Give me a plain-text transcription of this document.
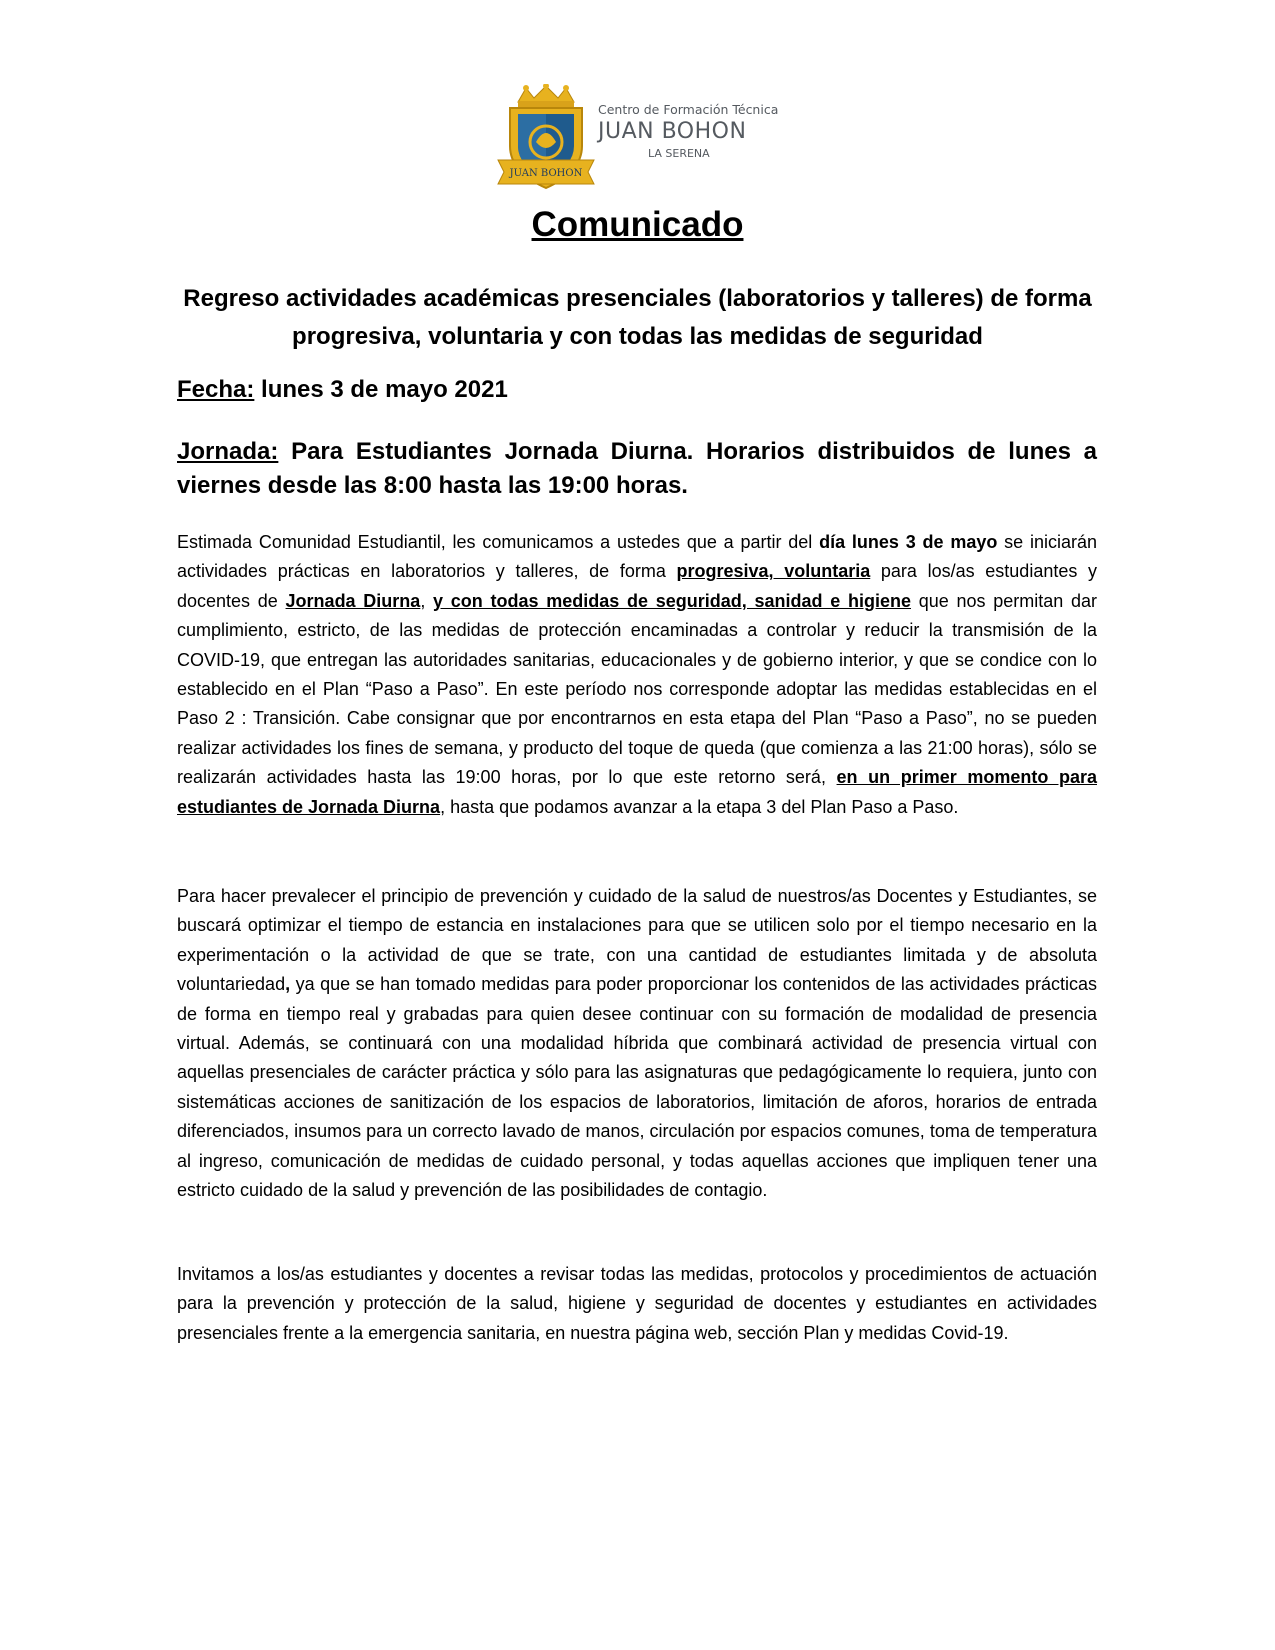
JUAN BOHON
Centro de Formación Técnica
JUAN BOHON
LA SERENA
Comunicado
Regreso actividades académicas presenciales (laboratorios y talleres) de forma progresiva, voluntaria y con todas las medidas de seguridad
Fecha: lunes 3 de mayo 2021
Jornada: Para Estudiantes Jornada Diurna. Horarios distribuidos de lunes a viernes desde las 8:00 hasta las 19:00 horas.
Estimada Comunidad Estudiantil, les comunicamos a ustedes que a partir del día lunes 3 de mayo se iniciarán actividades prácticas en laboratorios y talleres, de forma progresiva, voluntaria para los/as estudiantes y docentes de Jornada Diurna, y con todas medidas de seguridad, sanidad e higiene que nos permitan dar cumplimiento, estricto, de las medidas de protección encaminadas a controlar y reducir la transmisión de la COVID-19, que entregan las autoridades sanitarias, educacionales y de gobierno interior, y que se condice con lo establecido en el Plan “Paso a Paso”. En este período nos corresponde adoptar las medidas establecidas en el Paso 2 : Transición. Cabe consignar que por encontrarnos en esta etapa del Plan “Paso a Paso”, no se pueden realizar actividades los fines de semana, y producto del toque de queda (que comienza a las 21:00 horas), sólo se realizarán actividades hasta las 19:00 horas, por lo que este retorno será, en un primer momento para estudiantes de Jornada Diurna, hasta que podamos avanzar a la etapa 3 del Plan Paso a Paso.
Para hacer prevalecer el principio de prevención y cuidado de la salud de nuestros/as Docentes y Estudiantes, se buscará optimizar el tiempo de estancia en instalaciones para que se utilicen solo por el tiempo necesario en la experimentación o la actividad de que se trate, con una cantidad de estudiantes limitada y de absoluta voluntariedad, ya que se han tomado medidas para poder proporcionar los contenidos de las actividades prácticas de forma en tiempo real y grabadas para quien desee continuar con su formación de modalidad de presencia virtual. Además, se continuará con una modalidad híbrida que combinará actividad de presencia virtual con aquellas presenciales de carácter práctica y sólo para las asignaturas que pedagógicamente lo requiera, junto con sistemáticas acciones de sanitización de los espacios de laboratorios, limitación de aforos, horarios de entrada diferenciados, insumos para un correcto lavado de manos, circulación por espacios comunes, toma de temperatura al ingreso, comunicación de medidas de cuidado personal, y todas aquellas acciones que impliquen tener una estricto cuidado de la salud y prevención de las posibilidades de contagio.
Invitamos a los/as estudiantes y docentes a revisar todas las medidas, protocolos y procedimientos de actuación para la prevención y protección de la salud, higiene y seguridad de docentes y estudiantes en actividades presenciales frente a la emergencia sanitaria, en nuestra página web, sección Plan y medidas Covid-19.
